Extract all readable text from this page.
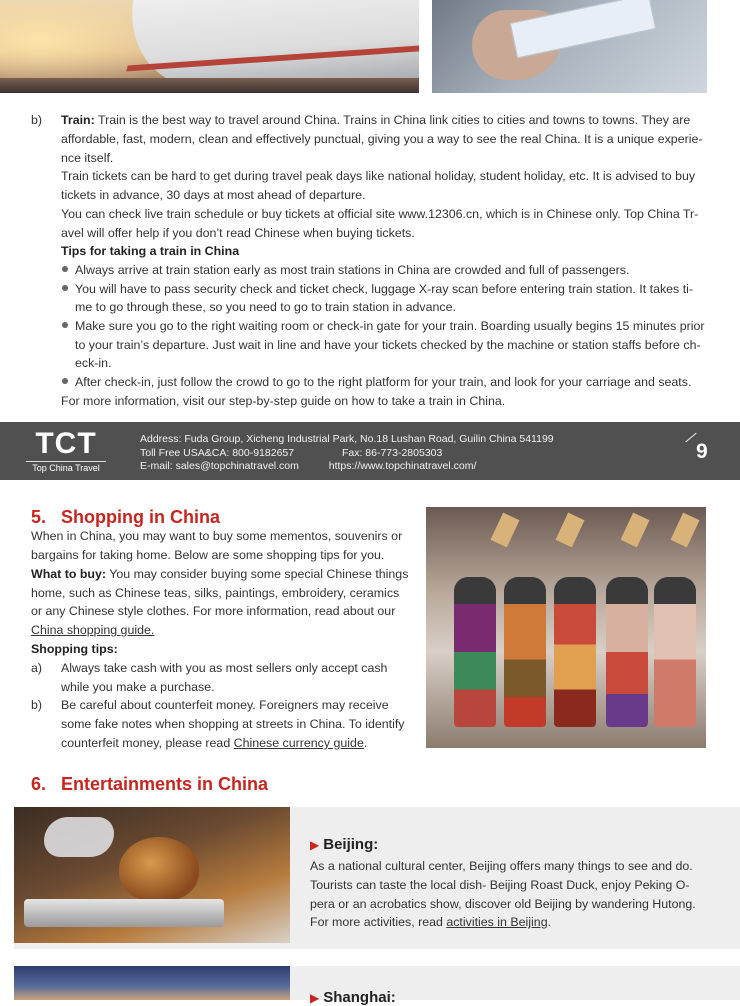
b) Train: Train is the best way to travel around China. Trains in China link cities to cities and towns to towns. They are
affordable, fast, modern, clean and effectively punctual, giving you a way to see the real China. It is a unique experie-
nce itself.
Train tickets can be hard to get during travel peak days like national holiday, student holiday, etc. It is advised to buy
tickets in advance, 30 days at most ahead of departure.
You can check live train schedule or buy tickets at official site www.12306.cn, which is in Chinese only. Top China Tr-
avel will offer help if you don’t read Chinese when buying tickets.
Tips for taking a train in China
Always arrive at train station early as most train stations in China are crowded and full of passengers.
You will have to pass security check and ticket check, luggage X-ray scan before entering train station. It takes ti-
me to go through these, so you need to go to train station in advance.
Make sure you go to the right waiting room or check-in gate for your train. Boarding usually begins 15 minutes prior
to your train’s departure. Just wait in line and have your tickets checked by the machine or station staffs before ch-
eck-in.
After check-in, just follow the crowd to go to the right platform for your train, and look for your carriage and seats.
For more information, visit our step-by-step guide on how to take a train in China.
TCT
Top China Travel
Address: Fuda Group, Xicheng Industrial Park, No.18 Lushan Road, Guilin China 541199
Toll Free USA&CA: 800-9182657	Fax: 86-773-2805303
E-mail: sales@topchinatravel.com	https://www.topchinatravel.com/
9
5. Shopping in China
When in China, you may want to buy some mementos, souvenirs or
bargains for taking home. Below are some shopping tips for you.
What to buy: You may consider buying some special Chinese things
home, such as Chinese teas, silks, paintings, embroidery, ceramics
or any Chinese style clothes. For more information, read about our
China shopping guide.
Shopping tips:
a) Always take cash with you as most sellers only accept cash
while you make a purchase.
b) Be careful about counterfeit money. Foreigners may receive
some fake notes when shopping at streets in China. To identify
counterfeit money, please read Chinese currency guide.
6. Entertainments in China
▶ Beijing:
As a national cultural center, Beijing offers many things to see and do.
Tourists can taste the local dish- Beijing Roast Duck, enjoy Peking O-
pera or an acrobatics show, discover old Beijing by wandering Hutong.
For more activities, read activities in Beijing.
▶ Shanghai:
